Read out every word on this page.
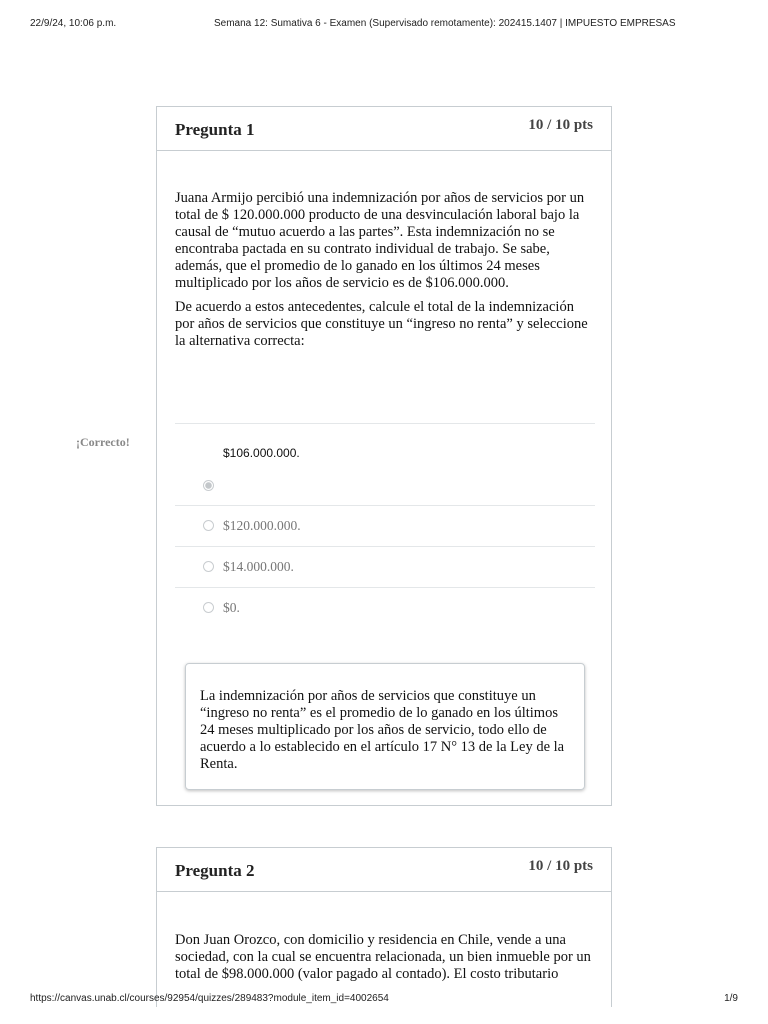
22/9/24, 10:06 p.m.	Semana 12: Sumativa 6 - Examen (Supervisado remotamente): 202415.1407 | IMPUESTO EMPRESAS
¡Correcto!
Pregunta 1	10 / 10 pts

Juana Armijo percibió una indemnización por años de servicios por un total de $ 120.000.000 producto de una desvinculación laboral bajo la causal de “mutuo acuerdo a las partes”. Esta indemnización no se encontraba pactada en su contrato individual de trabajo. Se sabe, además, que el promedio de lo ganado en los últimos 24 meses multiplicado por los años de servicio es de $106.000.000.

De acuerdo a estos antecedentes, calcule el total de la indemnización por años de servicios que constituye un “ingreso no renta” y seleccione la alternativa correcta:

$106.000.000.
$120.000.000.
$14.000.000.
$0.
La indemnización por años de servicios que constituye un “ingreso no renta” es el promedio de lo ganado en los últimos 24 meses multiplicado por los años de servicio, todo ello de acuerdo a lo establecido en el artículo 17 N° 13 de la Ley de la Renta.
Pregunta 2	10 / 10 pts

Don Juan Orozco, con domicilio y residencia en Chile, vende a una sociedad, con la cual se encuentra relacionada, un bien inmueble por un total de $98.000.000 (valor pagado al contado). El costo tributario

https://canvas.unab.cl/courses/92954/quizzes/289483?module_item_id=4002654	1/9
